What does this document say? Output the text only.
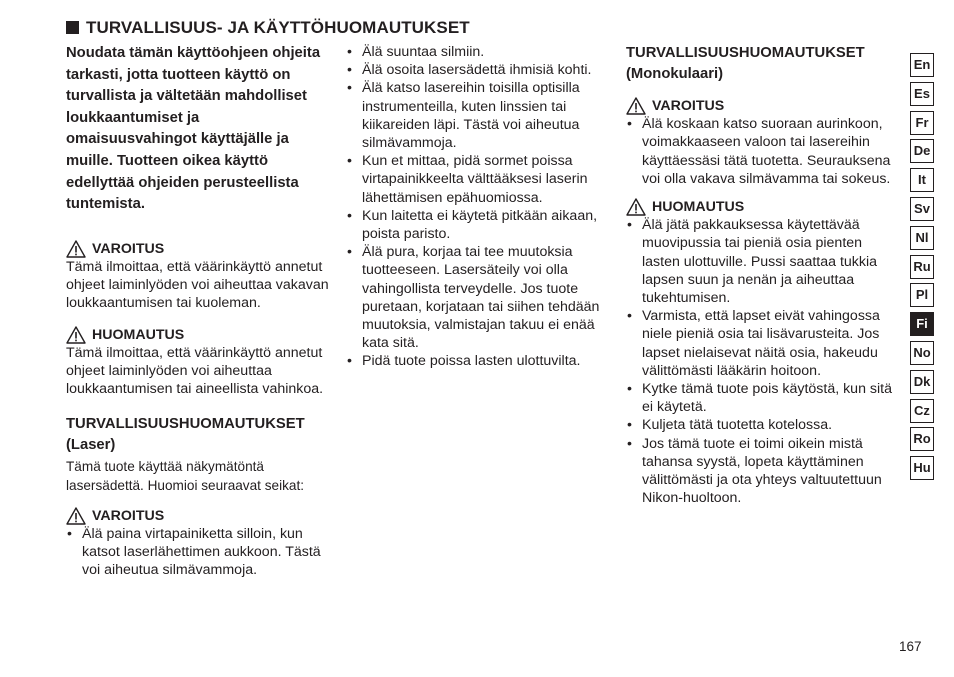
TURVALLISUUS- JA KÄYTTÖHUOMAUTUKSET

Noudata tämän käyttöohjeen ohjeita tarkasti, jotta tuotteen käyttö on turvallista ja vältetään mahdolliset loukkaantumiset ja omaisuusvahingot käyttäjälle ja muille. Tuotteen oikea käyttö edellyttää ohjeiden perusteellista tuntemista.

VAROITUS

Tämä ilmoittaa, että väärinkäyttö annetut ohjeet laiminlyöden voi aiheuttaa vakavan loukkaantumisen tai kuoleman.

HUOMAUTUS

Tämä ilmoittaa, että väärinkäyttö annetut ohjeet laiminlyöden voi aiheuttaa loukkaantumisen tai aineellista vahinkoa.

TURVALLISUUSHUOMAUTUKSET
(Laser)

Tämä tuote käyttää näkymätöntä lasersädettä. Huomioi seuraavat seikat:

VAROITUS

• Älä paina virtapainiketta silloin, kun katsot laserlähettimen aukkoon. Tästä voi aiheutua silmävammoja.
• Älä suuntaa silmiin.
• Älä osoita lasersädettä ihmisiä kohti.
• Älä katso lasereihin toisilla optisilla instrumenteilla, kuten linssien tai kiikareiden läpi. Tästä voi aiheutua silmävammoja.
• Kun et mittaa, pidä sormet poissa virtapainikkeelta välttääksesi laserin lähettämisen epähuomiossa.
• Kun laitetta ei käytetä pitkään aikaan, poista paristo.
• Älä pura, korjaa tai tee muutoksia tuotteeseen. Lasersäteily voi olla vahingollista terveydelle. Jos tuote puretaan, korjataan tai siihen tehdään muutoksia, valmistajan takuu ei enää kata sitä.
• Pidä tuote poissa lasten ulottuvilta.

TURVALLISUUSHUOMAUTUKSET
(Monokulaari)

VAROITUS

• Älä koskaan katso suoraan aurinkoon, voimakkaaseen valoon tai lasereihin käyttäessäsi tätä tuotetta. Seurauksena voi olla vakava silmävamma tai sokeus.

HUOMAUTUS

• Älä jätä pakkauksessa käytettävää muovipussia tai pieniä osia pienten lasten ulottuville. Pussi saattaa tukkia lapsen suun ja nenän ja aiheuttaa tukehtumisen.
• Varmista, että lapset eivät vahingossa niele pieniä osia tai lisävarusteita. Jos lapset nielaisevat näitä osia, hakeudu välittömästi lääkärin hoitoon.
• Kytke tämä tuote pois käytöstä, kun sitä ei käytetä.
• Kuljeta tätä tuotetta kotelossa.
• Jos tämä tuote ei toimi oikein mistä tahansa syystä, lopeta käyttäminen välittömästi ja ota yhteys valtuutettuun Nikon-huoltoon.
En
Es
Fr
De
It
Sv
Nl
Ru
Pl
Fi
No
Dk
Cz
Ro
Hu
167
